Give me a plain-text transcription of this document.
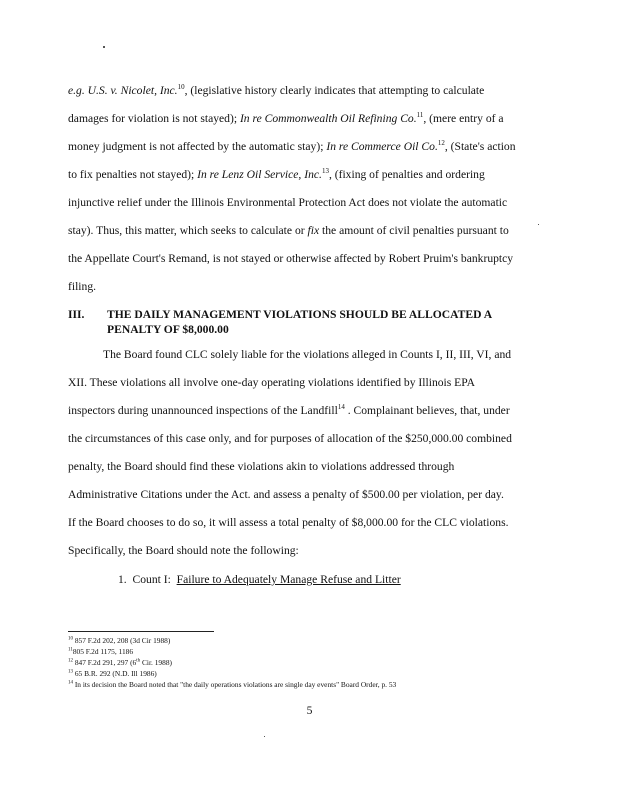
e.g. U.S. v. Nicolet, Inc.$^{10}$, (legislative history clearly indicates that attempting to calculate
damages for violation is not stayed); In re Commonwealth Oil Refining Co.$^{11}$, (mere entry of a
money judgment is not affected by the automatic stay); In re Commerce Oil Co.$^{12}$, (State's action
to fix penalties not stayed); In re Lenz Oil Service, Inc.$^{13}$, (fixing of penalties and ordering
injunctive relief under the Illinois Environmental Protection Act does not violate the automatic
stay). Thus, this matter, which seeks to calculate or fix the amount of civil penalties pursuant to
the Appellate Court's Remand, is not stayed or otherwise affected by Robert Pruim's bankruptcy
filing.
III. THE DAILY MANAGEMENT VIOLATIONS SHOULD BE ALLOCATED A
PENALTY OF $8,000.00
The Board found CLC solely liable for the violations alleged in Counts I, II, III, VI, and
XII. These violations all involve one-day operating violations identified by Illinois EPA
inspectors during unannounced inspections of the Landfill$^{14}$ . Complainant believes, that, under
the circumstances of this case only, and for purposes of allocation of the $250,000.00 combined
penalty, the Board should find these violations akin to violations addressed through
Administrative Citations under the Act. and assess a penalty of $500.00 per violation, per day.
If the Board chooses to do so, it will assess a total penalty of $8,000.00 for the CLC violations.
Specifically, the Board should note the following:
1. Count I: Failure to Adequately Manage Refuse and Litter
$^{10}$ 857 F.2d 202, 208 (3d Cir 1988)
$^{11}$805 F.2d 1175, 1186
$^{12}$ 847 F.2d 291, 297 (6th Cir. 1988)
$^{13}$ 65 B.R. 292 (N.D. Ill 1986)
$^{14}$ In its decision the Board noted that "the daily operations violations are single day events" Board Order, p. 53
5
